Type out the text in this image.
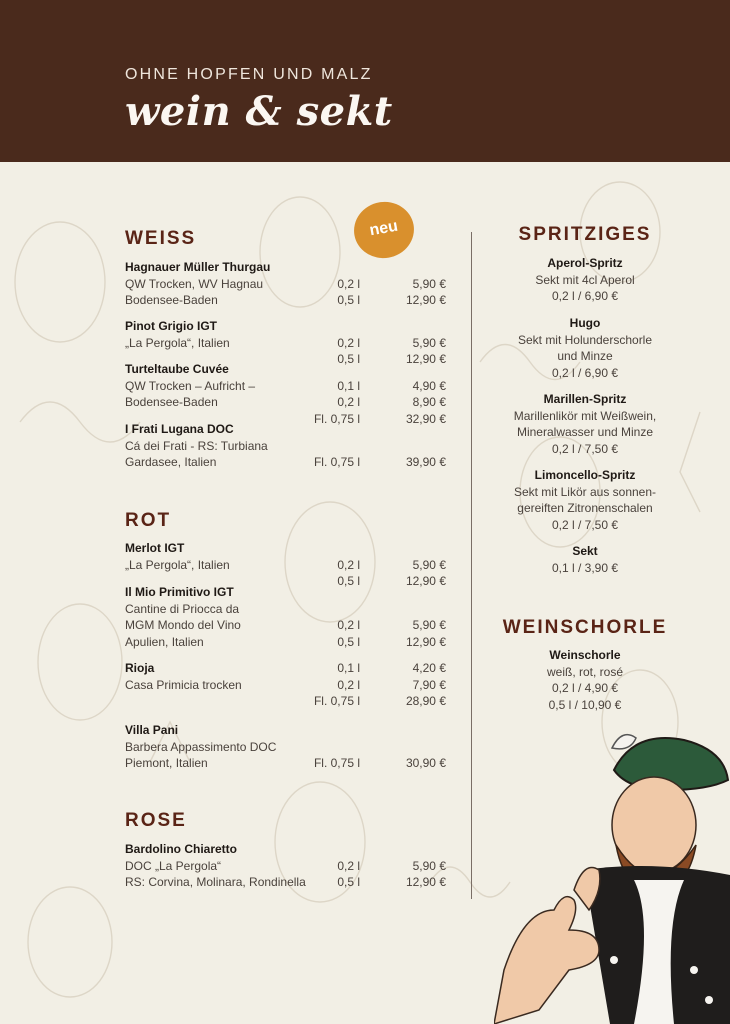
OHNE HOPFEN UND MALZ
wein & sekt
neu
WEISS
Hagnauer Müller Thurgau
QW Trocken, WV Hagnau	0,2 l	5,90 €
Bodensee-Baden	0,5 l	12,90 €
Pinot Grigio IGT
„La Pergola“, Italien	0,2 l	5,90 €
0,5 l	12,90 €
Turteltaube Cuvée
QW Trocken – Aufricht –	0,1 l	4,90 €
Bodensee-Baden	0,2 l	8,90 €
Fl. 0,75 l	32,90 €
I Frati Lugana DOC
Cá dei Frati - RS: Turbiana
Gardasee, Italien	Fl. 0,75 l	39,90 €
ROT
Merlot IGT
„La Pergola“, Italien	0,2 l	5,90 €
0,5 l	12,90 €
Il Mio Primitivo IGT
Cantine di Priocca da
MGM Mondo del Vino	0,2 l	5,90 €
Apulien, Italien	0,5 l	12,90 €
Rioja	0,1 l	4,20 €
Casa Primicia trocken	0,2 l	7,90 €
Fl. 0,75 l	28,90 €
Villa Pani
Barbera Appassimento DOC
Piemont, Italien	Fl. 0,75 l	30,90 €
ROSE
Bardolino Chiaretto
DOC „La Pergola“	0,2 l	5,90 €
RS: Corvina, Molinara, Rondinella	0,5 l	12,90 €
SPRITZIGES
Aperol-Spritz
Sekt mit 4cl Aperol
0,2 l / 6,90 €
Hugo
Sekt mit Holunderschorle
und Minze
0,2 l / 6,90 €
Marillen-Spritz
Marillenlikör mit Weißwein,
Mineralwasser und Minze
0,2 l / 7,50 €
Limoncello-Spritz
Sekt mit Likör aus sonnen-
gereiften Zitronenschalen
0,2 l / 7,50 €
Sekt
0,1 l / 3,90 €
WEINSCHORLE
Weinschorle
weiß, rot, rosé
0,2 l / 4,90 €
0,5 l / 10,90 €
